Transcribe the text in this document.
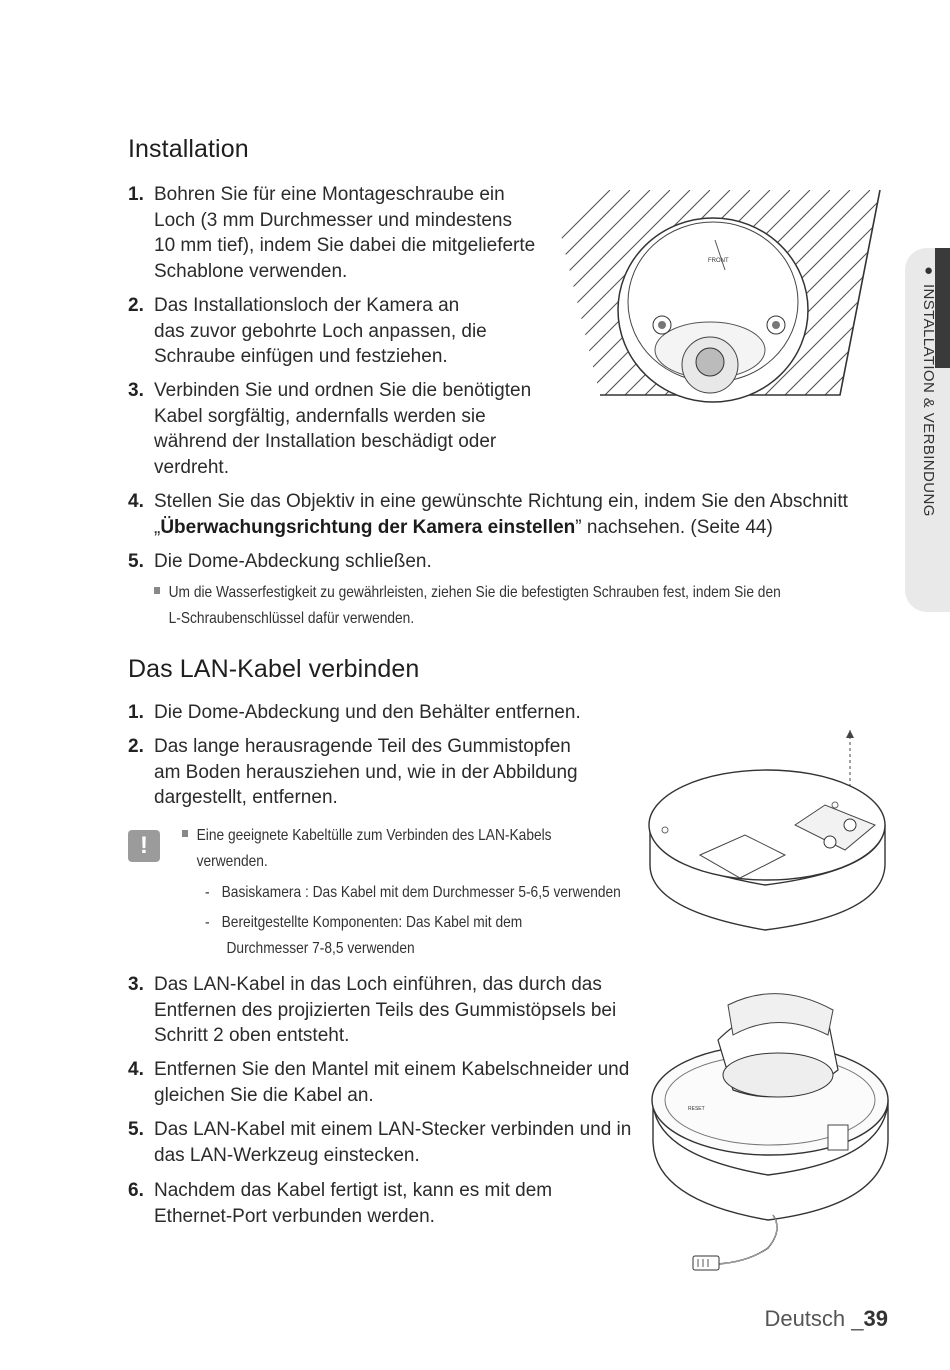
Installation
1. Bohren Sie für eine Montageschraube ein
Loch (3 mm Durchmesser und mindestens
10 mm tief), indem Sie dabei die mitgelieferte
Schablone verwenden.
2. Das Installationsloch der Kamera an
das zuvor gebohrte Loch anpassen, die
Schraube einfügen und festziehen.
3. Verbinden Sie und ordnen Sie die benötigten
Kabel sorgfältig, andernfalls werden sie
während der Installation beschädigt oder
verdreht.
4. Stellen Sie das Objektiv in eine gewünschte Richtung ein, indem Sie den Abschnitt
„Überwachungsrichtung der Kamera einstellen” nachsehen. (Seite 44)
5. Die Dome-Abdeckung schließen.
Um die Wasserfestigkeit zu gewährleisten, ziehen Sie die befestigten Schrauben fest, indem Sie den
L-Schraubenschlüssel dafür verwenden.
FRONT
Das LAN-Kabel verbinden
1. Die Dome-Abdeckung und den Behälter entfernen.
2. Das lange herausragende Teil des Gummistopfen
am Boden herausziehen und, wie in der Abbildung
dargestellt, entfernen.
!	Eine geeignete Kabeltülle zum Verbinden des LAN-Kabels
verwenden.
- Basiskamera : Das Kabel mit dem Durchmesser 5-6,5 verwenden
- Bereitgestellte Komponenten: Das Kabel mit dem
Durchmesser 7-8,5 verwenden
3. Das LAN-Kabel in das Loch einführen, das durch das
Entfernen des projizierten Teils des Gummistöpsels bei
Schritt 2 oben entsteht.
4. Entfernen Sie den Mantel mit einem Kabelschneider und
gleichen Sie die Kabel an.
5. Das LAN-Kabel mit einem LAN-Stecker verbinden und in
das LAN-Werkzeug einstecken.
6. Nachdem das Kabel fertigt ist, kann es mit dem
Ethernet-Port verbunden werden.
RESET
● INSTALLATION & VERBINDUNG
Deutsch _39
